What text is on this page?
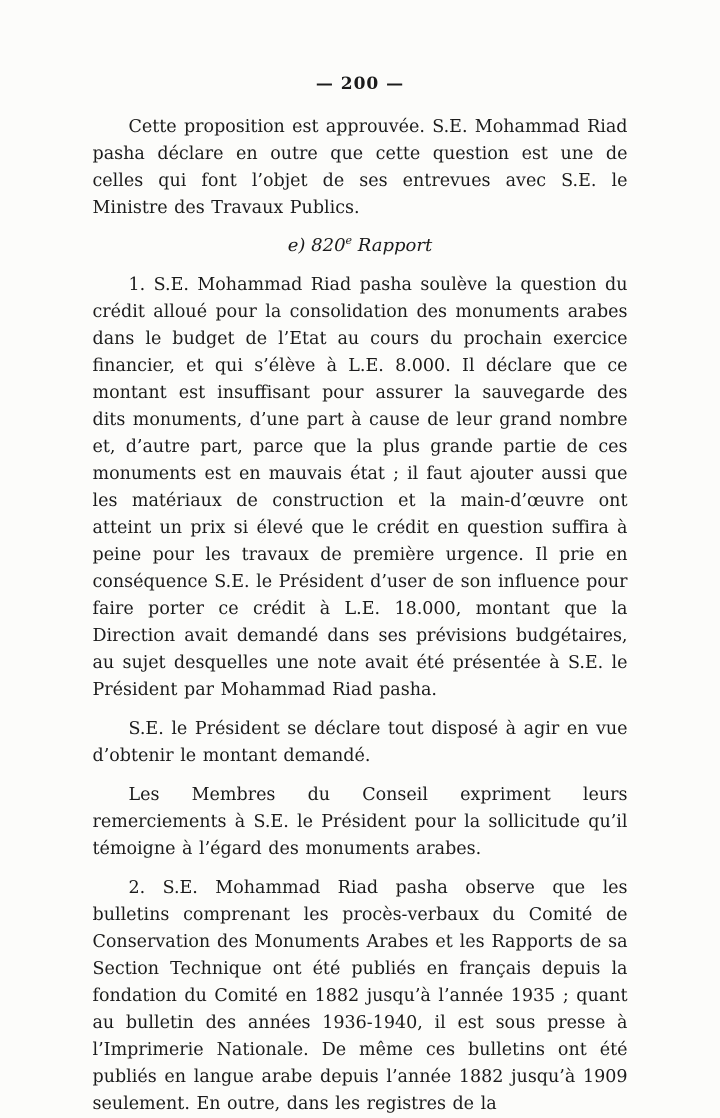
— 200 —

Cette proposition est approuvée. S.E. Mohammad Riad pasha déclare en outre que cette question est une de celles qui font l’objet de ses entrevues avec S.E. le Ministre des Travaux Publics.

e) 820e Rapport

1. S.E. Mohammad Riad pasha soulève la question du crédit alloué pour la consolidation des monuments arabes dans le budget de l’Etat au cours du prochain exercice financier, et qui s’élève à L.E. 8.000. Il déclare que ce montant est insuffisant pour assurer la sauvegarde des dits monuments, d’une part à cause de leur grand nombre et, d’autre part, parce que la plus grande partie de ces monuments est en mauvais état ; il faut ajouter aussi que les matériaux de construction et la main-d’œuvre ont atteint un prix si élevé que le crédit en question suffira à peine pour les travaux de première urgence. Il prie en conséquence S.E. le Président d’user de son influence pour faire porter ce crédit à L.E. 18.000, montant que la Direction avait demandé dans ses prévisions budgétaires, au sujet desquelles une note avait été présentée à S.E. le Président par Mohammad Riad pasha.

S.E. le Président se déclare tout disposé à agir en vue d’obtenir le montant demandé.

Les Membres du Conseil expriment leurs remerciements à S.E. le Président pour la sollicitude qu’il témoigne à l’égard des monuments arabes.

2. S.E. Mohammad Riad pasha observe que les bulletins comprenant les procès-verbaux du Comité de Conservation des Monuments Arabes et les Rapports de sa Section Technique ont été publiés en français depuis la fondation du Comité en 1882 jusqu’à l’année 1935 ; quant au bulletin des années 1936-1940, il est sous presse à l’Imprimerie Nationale. De même ces bulletins ont été publiés en langue arabe depuis l’année 1882 jusqu’à 1909 seulement. En outre, dans les registres de la
